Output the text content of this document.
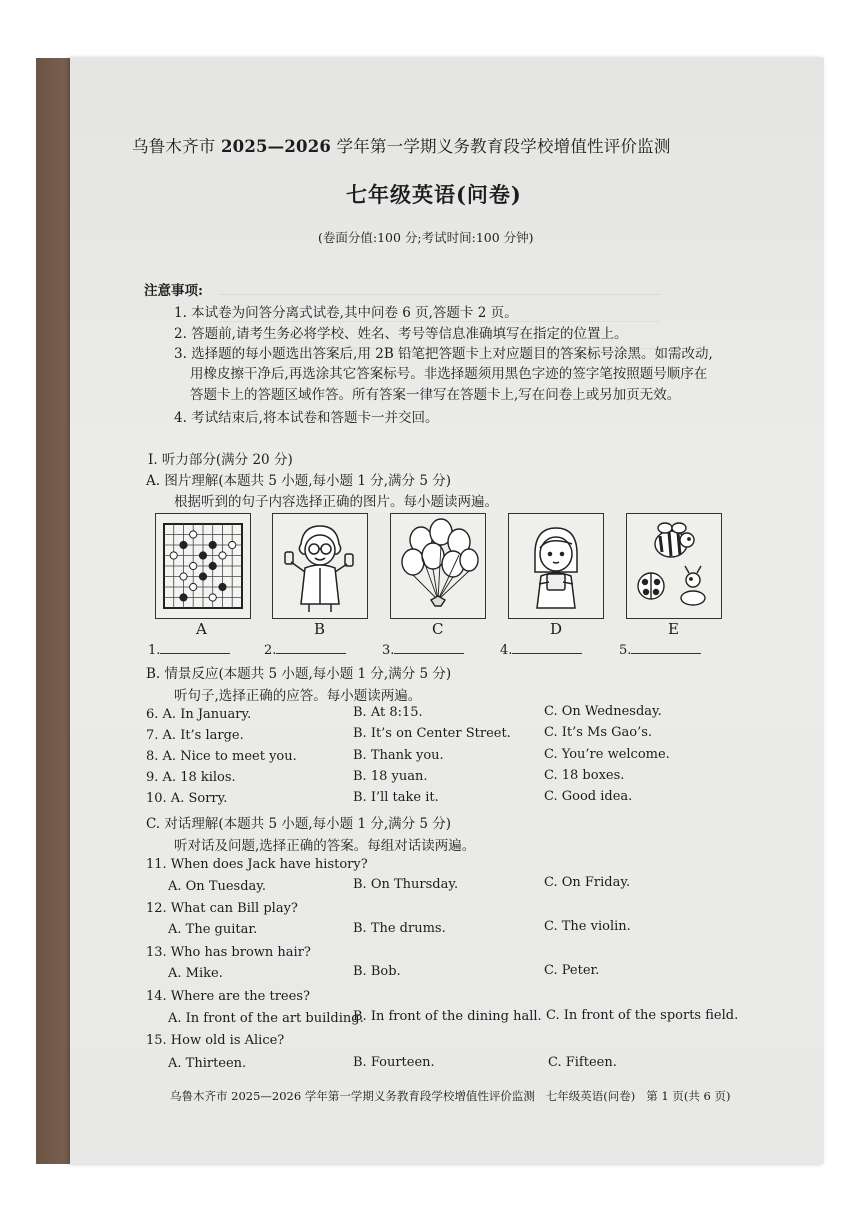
乌鲁木齐市 2025—2026 学年第一学期义务教育段学校增值性评价监测
七年级英语(问卷)
(卷面分值:100 分;考试时间:100 分钟)
注意事项:
1. 本试卷为问答分离式试卷,其中问卷 6 页,答题卡 2 页。
2. 答题前,请考生务必将学校、姓名、考号等信息准确填写在指定的位置上。
3. 选择题的每小题选出答案后,用 2B 铅笔把答题卡上对应题目的答案标号涂黑。如需改动,
用橡皮擦干净后,再选涂其它答案标号。非选择题须用黑色字迹的签字笔按照题号顺序在
答题卡上的答题区域作答。所有答案一律写在答题卡上,写在问卷上或另加页无效。
4. 考试结束后,将本试卷和答题卡一并交回。
Ⅰ. 听力部分(满分 20 分)
A. 图片理解(本题共 5 小题,每小题 1 分,满分 5 分)
根据听到的句子内容选择正确的图片。每小题读两遍。
A	B	C	D	E
1.	2.	3.	4.	5.
B. 情景反应(本题共 5 小题,每小题 1 分,满分 5 分)
听句子,选择正确的应答。每小题读两遍。
6. A. In January.	B. At 8:15.	C. On Wednesday.
7. A. It’s large.	B. It’s on Center Street.	C. It’s Ms Gao’s.
8. A. Nice to meet you.	B. Thank you.	C. You’re welcome.
9. A. 18 kilos.	B. 18 yuan.	C. 18 boxes.
10. A. Sorry.	B. I’ll take it.	C. Good idea.
C. 对话理解(本题共 5 小题,每小题 1 分,满分 5 分)
听对话及问题,选择正确的答案。每组对话读两遍。
11. When does Jack have history?
A. On Tuesday.	B. On Thursday.	C. On Friday.
12. What can Bill play?
A. The guitar.	B. The drums.	C. The violin.
13. Who has brown hair?
A. Mike.	B. Bob.	C. Peter.
14. Where are the trees?
A. In front of the art building.
B. In front of the dining hall. C. In front of the sports field.
15. How old is Alice?
A. Thirteen.	B. Fourteen.	C. Fifteen.
乌鲁木齐市 2025—2026 学年第一学期义务教育段学校增值性评价监测   七年级英语(问卷)   第 1 页(共 6 页)
